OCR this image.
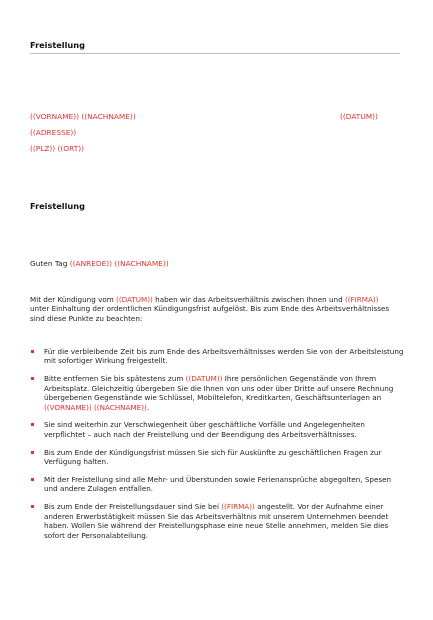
Freistellung
((VORNAME)) ((NACHNAME))	((DATUM))
((ADRESSE))
((PLZ)) ((ORT))
Freistellung
Guten Tag ((ANREDE)) ((NACHNAME))
Mit der Kündigung vom ((DATUM)) haben wir das Arbeitsverhältnis zwischen Ihnen und ((FIRMA)) unter Einhaltung der ordentlichen Kündigungsfrist aufgelöst. Bis zum Ende des Arbeitsverhältnisses sind diese Punkte zu beachten:
Für die verbleibende Zeit bis zum Ende des Arbeitsverhältnisses werden Sie von der Arbeitsleistung mit sofortiger Wirkung freigestellt.
Bitte entfernen Sie bis spätestens zum ((DATUM)) Ihre persönlichen Gegenstände von Ihrem Arbeitsplatz. Gleichzeitig übergeben Sie die Ihnen von uns oder über Dritte auf unsere Rechnung übergebenen Gegenstände wie Schlüssel, Mobiltelefon, Kreditkarten, Geschäftsunterlagen an ((VORNAME)) ((NACHNAME)).
Sie sind weiterhin zur Verschwiegenheit über geschäftliche Vorfälle und Angelegenheiten verpflichtet – auch nach der Freistellung und der Beendigung des Arbeitsverhältnisses.
Bis zum Ende der Kündigungsfrist müssen Sie sich für Auskünfte zu geschäftlichen Fragen zur Verfügung halten.
Mit der Freistellung sind alle Mehr- und Überstunden sowie Ferienansprüche abgegolten, Spesen und andere Zulagen entfallen.
Bis zum Ende der Freistellungsdauer sind Sie bei ((FIRMA)) angestellt. Vor der Aufnahme einer anderen Erwerbstätigkeit müssen Sie das Arbeitsverhältnis mit unserem Unternehmen beendet haben. Wollen Sie während der Freistellungsphase eine neue Stelle annehmen, melden Sie dies sofort der Personalabteilung.
